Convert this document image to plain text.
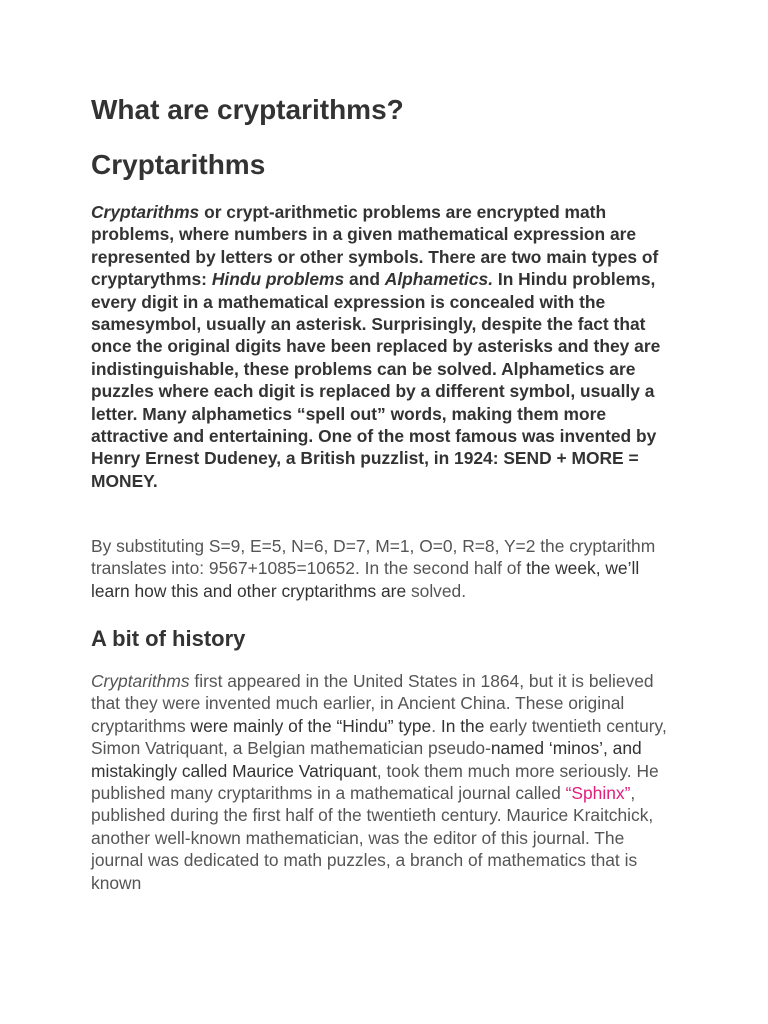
What are cryptarithms?
Cryptarithms

Cryptarithms or crypt-arithmetic problems are encrypted math problems, where numbers in a given mathematical expression are represented by letters or other symbols. There are two main types of cryptarythms: Hindu problems and Alphametics. In Hindu problems, every digit in a mathematical expression is concealed with the samesymbol, usually an asterisk. Surprisingly, despite the fact that once the original digits have been replaced by asterisks and they are indistinguishable, these problems can be solved. Alphametics are puzzles where each digit is replaced by a different symbol, usually a letter. Many alphametics “spell out” words, making them more attractive and entertaining. One of the most famous was invented by Henry Ernest Dudeney, a British puzzlist, in 1924: SEND + MORE = MONEY.

By substituting S=9, E=5, N=6, D=7, M=1, O=0, R=8, Y=2 the cryptarithm translates into: 9567+1085=10652. In the second half of the week, we’ll learn how this and other cryptarithms are solved.

A bit of history

Cryptarithms first appeared in the United States in 1864, but it is believed that they were invented much earlier, in Ancient China. These original cryptarithms were mainly of the “Hindu” type. In the early twentieth century, Simon Vatriquant, a Belgian mathematician pseudo-named ‘minos’, and mistakingly called Maurice Vatriquant, took them much more seriously. He published many cryptarithms in a mathematical journal called “Sphinx”, published during the first half of the twentieth century. Maurice Kraitchick, another well-known mathematician, was the editor of this journal. The journal was dedicated to math puzzles, a branch of mathematics that is known
